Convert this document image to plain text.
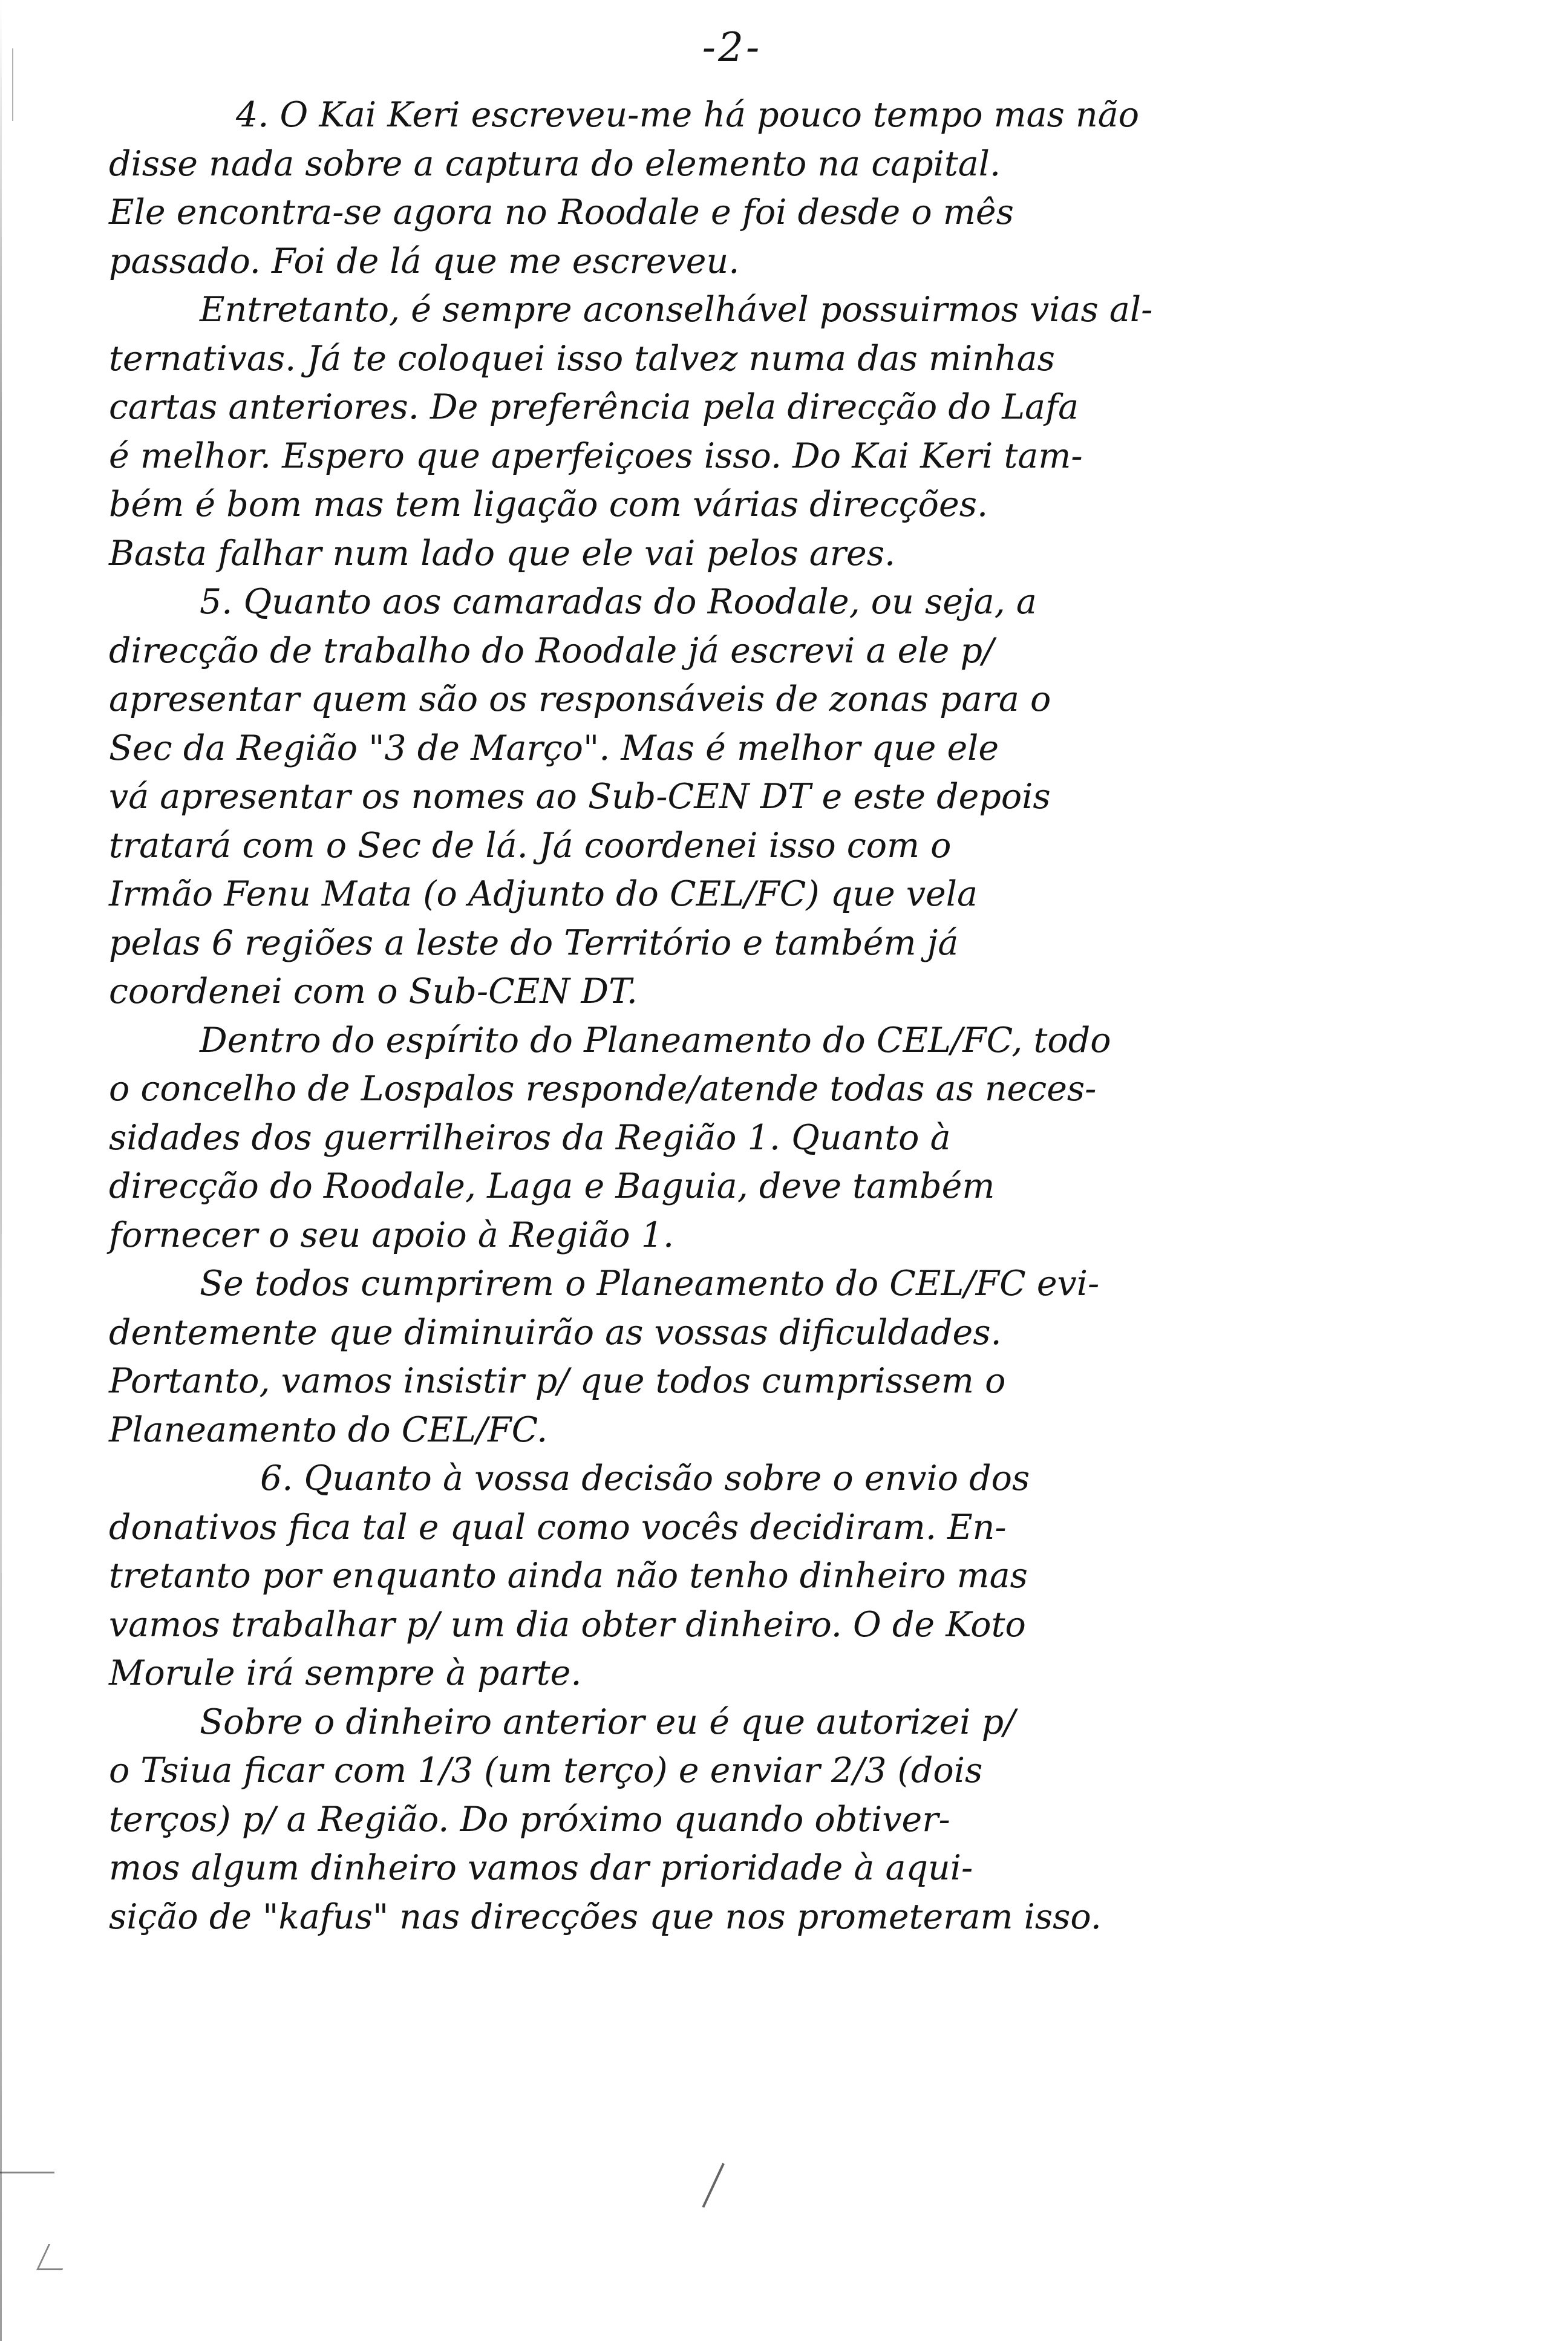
-2-
4. O Kai Keri escreveu-me há pouco tempo mas não
disse nada sobre a captura do elemento na capital.
Ele encontra-se agora no Roodale e foi desde o mês
passado. Foi de lá que me escreveu.
Entretanto, é sempre aconselhável possuirmos vias al-
ternativas. Já te coloquei isso talvez numa das minhas
cartas anteriores. De preferência pela direcção do Lafa
é melhor. Espero que aperfeiçoes isso. Do Kai Keri tam-
bém é bom mas tem ligação com várias direcções.
Basta falhar num lado que ele vai pelos ares.
5. Quanto aos camaradas do Roodale, ou seja, a
direcção de trabalho do Roodale já escrevi a ele p/
apresentar quem são os responsáveis de zonas para o
Sec da Região "3 de Março". Mas é melhor que ele
vá apresentar os nomes ao Sub-CEN DT e este depois
tratará com o Sec de lá. Já coordenei isso com o
Irmão Fenu Mata (o Adjunto do CEL/FC) que vela
pelas 6 regiões a leste do Território e também já
coordenei com o Sub-CEN DT.
Dentro do espírito do Planeamento do CEL/FC, todo
o concelho de Lospalos responde/atende todas as neces-
sidades dos guerrilheiros da Região 1. Quanto à
direcção do Roodale, Laga e Baguia, deve também
fornecer o seu apoio à Região 1.
Se todos cumprirem o Planeamento do CEL/FC evi-
dentemente que diminuirão as vossas dificuldades.
Portanto, vamos insistir p/ que todos cumprissem o
Planeamento do CEL/FC.
6. Quanto à vossa decisão sobre o envio dos
donativos fica tal e qual como vocês decidiram. En-
tretanto por enquanto ainda não tenho dinheiro mas
vamos trabalhar p/ um dia obter dinheiro. O de Koto
Morule irá sempre à parte.
Sobre o dinheiro anterior eu é que autorizei p/
o Tsiua ficar com 1/3 (um terço) e enviar 2/3 (dois
terços) p/ a Região. Do próximo quando obtiver-
mos algum dinheiro vamos dar prioridade à aqui-
sição de "kafus" nas direcções que nos prometeram isso.
